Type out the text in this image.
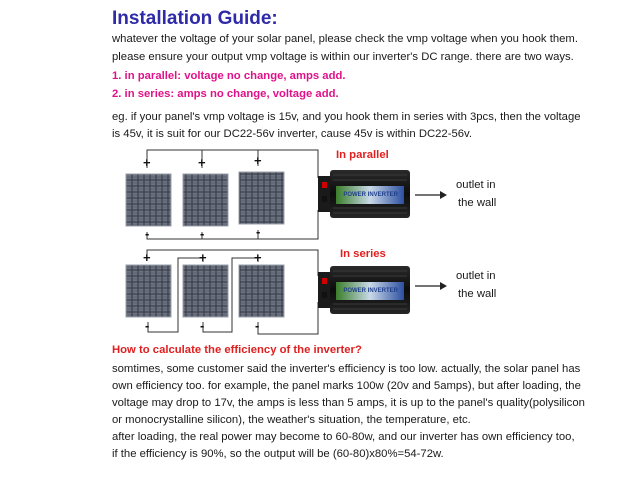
Installation Guide:
whatever the voltage of your solar panel, please check the vmp voltage when you hook them.
please ensure your output vmp voltage is within our inverter's DC range. there are two ways.
1. in parallel: voltage no change, amps add.
2. in series: amps no change, voltage add.
eg. if your panel's vmp voltage is 15v, and you hook them in series with 3pcs, then the voltage
is 45v, it is suit for our DC22-56v inverter, cause 45v is within DC22-56v.
POWER INVERTER
POWER INVERTER
+	+	+
-	-	-
+	+	+
-	-	-
In parallel
In series
outlet in
the wall
outlet in
the wall
How to calculate the efficiency of the inverter?
somtimes, some customer said the inverter's efficiency is too low. actually, the solar panel has
own efficiency too. for example, the panel marks 100w (20v and 5amps), but after loading, the
voltage may drop to 17v, the amps is less than 5 amps, it is up to the panel's quality(polysilicon
or monocrystalline silicon), the weather's situation, the temperature, etc.
after loading, the real power may become to 60-80w, and our inverter has own efficiency too,
if the efficiency is 90%, so the output will be (60-80)x80%=54-72w.
